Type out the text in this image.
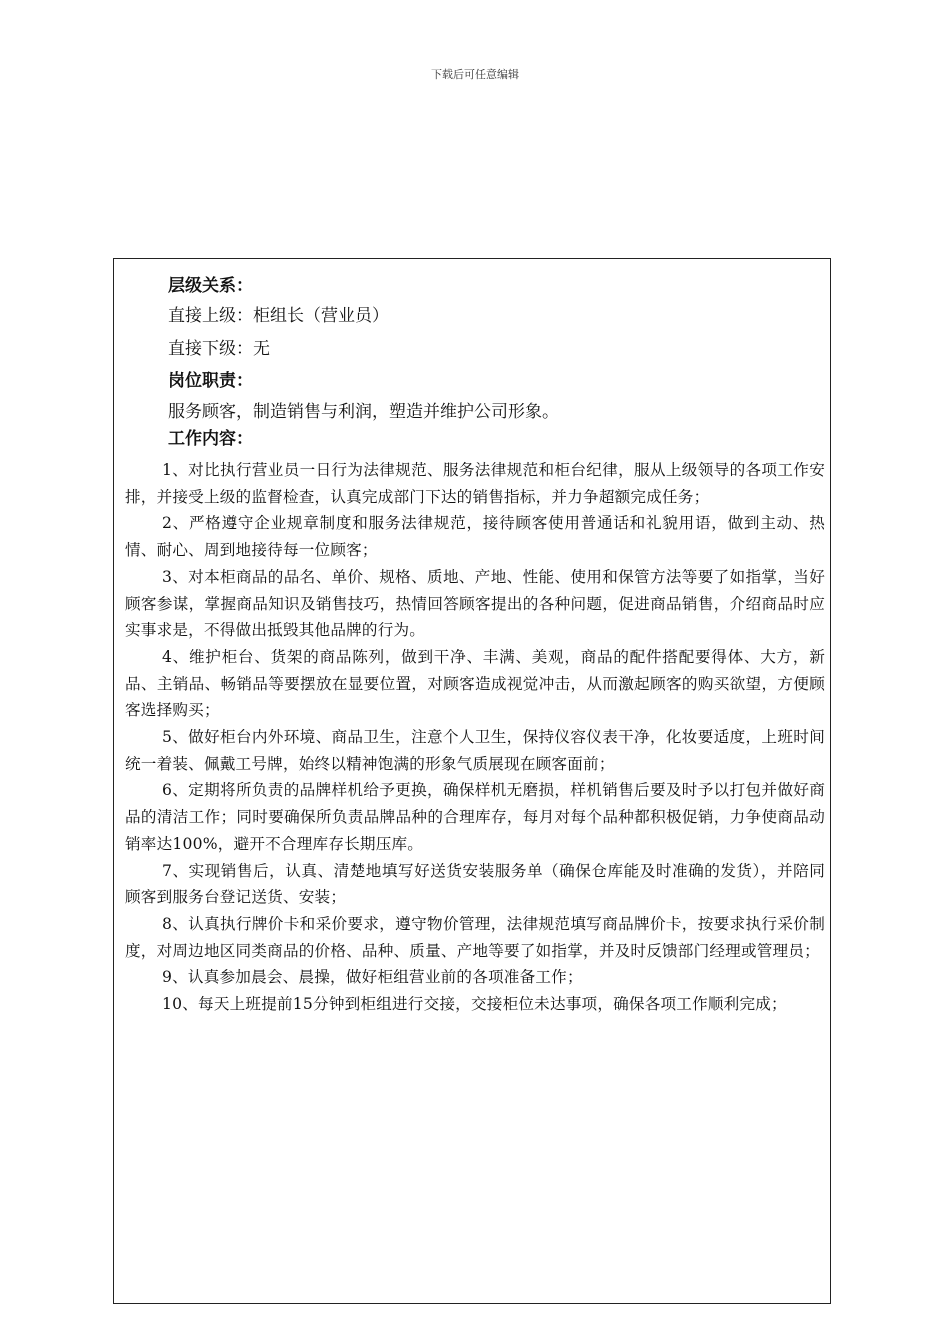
下载后可任意编辑
层级关系：
直接上级：柜组长（营业员）
直接下级：无
岗位职责：
服务顾客，制造销售与利润，塑造并维护公司形象。
工作内容：

1、对比执行营业员一日行为法律规范、服务法律规范和柜台纪律，服从上级领导的各项工作安排，并接受上级的监督检查，认真完成部门下达的销售指标，并力争超额完成任务；

2、严格遵守企业规章制度和服务法律规范，接待顾客使用普通话和礼貌用语，做到主动、热情、耐心、周到地接待每一位顾客；

3、对本柜商品的品名、单价、规格、质地、产地、性能、使用和保管方法等要了如指掌，当好顾客参谋，掌握商品知识及销售技巧，热情回答顾客提出的各种问题，促进商品销售，介绍商品时应实事求是，不得做出抵毁其他品牌的行为。

4、维护柜台、货架的商品陈列，做到干净、丰满、美观，商品的配件搭配要得体、大方，新品、主销品、畅销品等要摆放在显要位置，对顾客造成视觉冲击，从而激起顾客的购买欲望，方便顾客选择购买；

5、做好柜台内外环境、商品卫生，注意个人卫生，保持仪容仪表干净，化妆要适度，上班时间统一着装、佩戴工号牌，始终以精神饱满的形象气质展现在顾客面前；

6、定期将所负责的品牌样机给予更换，确保样机无磨损，样机销售后要及时予以打包并做好商品的清洁工作；同时要确保所负责品牌品种的合理库存，每月对每个品种都积极促销，力争使商品动销率达100%，避开不合理库存长期压库。

7、实现销售后，认真、清楚地填写好送货安装服务单（确保仓库能及时准确的发货），并陪同顾客到服务台登记送货、安装；

8、认真执行牌价卡和采价要求，遵守物价管理，法律规范填写商品牌价卡，按要求执行采价制度，对周边地区同类商品的价格、品种、质量、产地等要了如指掌，并及时反馈部门经理或管理员；

9、认真参加晨会、晨操，做好柜组营业前的各项准备工作；

10、每天上班提前15分钟到柜组进行交接，交接柜位未达事项，确保各项工作顺利完成；
